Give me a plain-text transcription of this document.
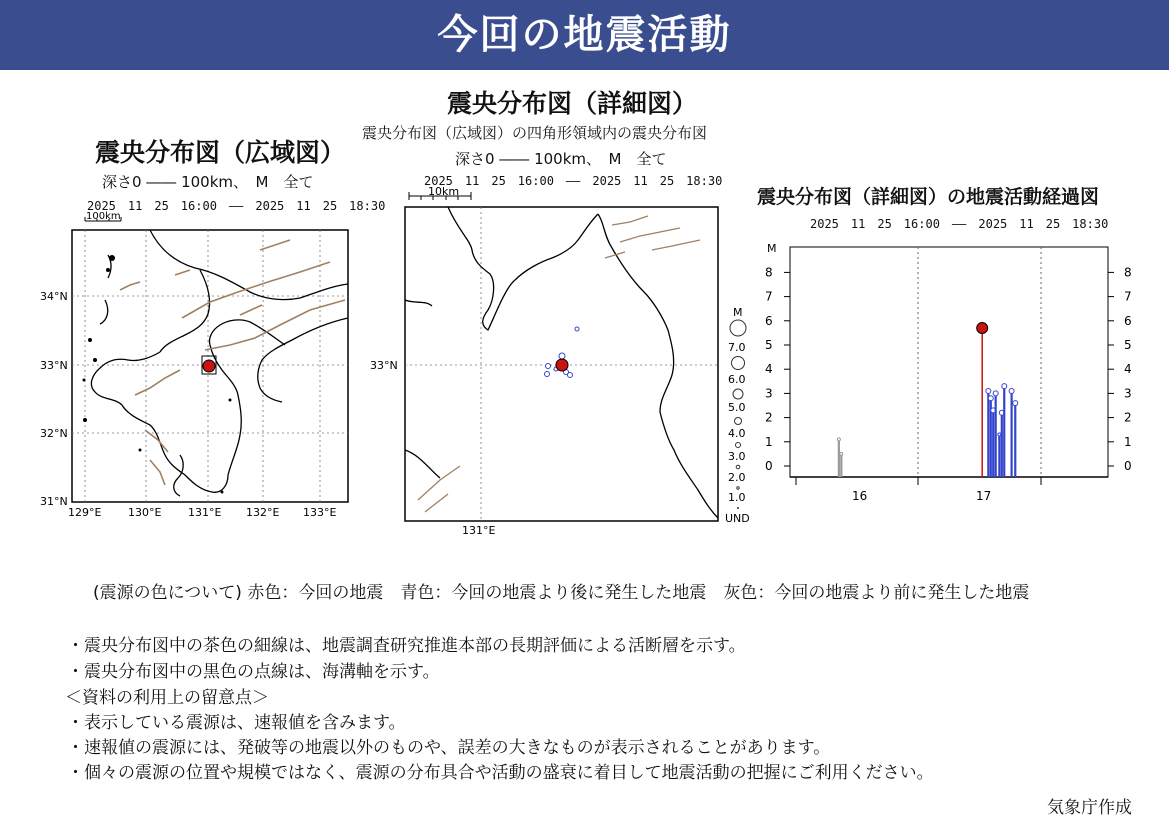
今回の地震活動
震央分布図（広域図）
深さ0 ―― 100km、　M　全て
2025　11　25　16:00　――　2025　11　25　18:30
震央分布図（詳細図）
震央分布図（広域図）の四角形領域内の震央分布図
深さ0 ―― 100km、　M　全て
2025　11　25　16:00　――　2025　11　25　18:30
震央分布図（詳細図）の地震活動経過図
2025　11　25　16:00　――　2025　11　25　18:30
100km
34°N
33°N
32°N
31°N
129°E 130°E 131°E 132°E 133°E
10km
33°N
131°E
M
7.0
6.0
5.0
4.0
3.0
2.0
1.0
UND
M
0	0
1	1
2	2
3	3
4	4
5	5
6	6
7	7
8	8
16	17
(震源の色について) 赤色：今回の地震　青色：今回の地震より後に発生した地震　灰色：今回の地震より前に発生した地震
・震央分布図中の茶色の細線は、地震調査研究推進本部の長期評価による活断層を示す。
・震央分布図中の黒色の点線は、海溝軸を示す。
＜資料の利用上の留意点＞
・表示している震源は、速報値を含みます。
・速報値の震源には、発破等の地震以外のものや、誤差の大きなものが表示されることがあります。
・個々の震源の位置や規模ではなく、震源の分布具合や活動の盛衰に着目して地震活動の把握にご利用ください。
気象庁作成
